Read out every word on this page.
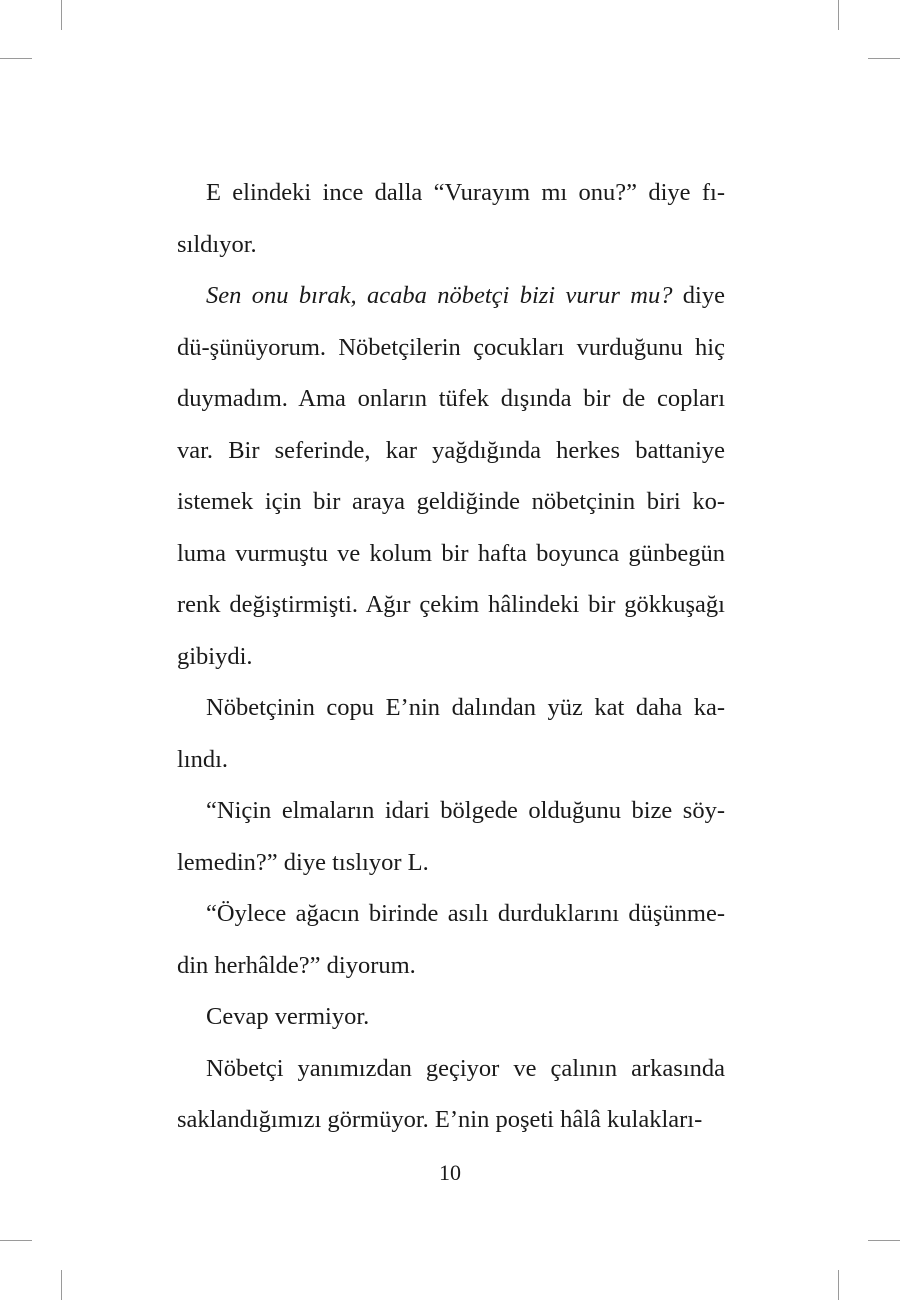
E elindeki ince dalla “Vurayım mı onu?” diye fı-sıldıyor.

Sen onu bırak, acaba nöbetçi bizi vurur mu? diye dü-şünüyorum. Nöbetçilerin çocukları vurduğunu hiç duymadım. Ama onların tüfek dışında bir de copları var. Bir seferinde, kar yağdığında herkes battaniye istemek için bir araya geldiğinde nöbetçinin biri ko-luma vurmuştu ve kolum bir hafta boyunca günbegün renk değiştirmişti. Ağır çekim hâlindeki bir gökkuşağı gibiydi.

Nöbetçinin copu E’nin dalından yüz kat daha ka-lındı.

“Niçin elmaların idari bölgede olduğunu bize söy-lemedin?” diye tıslıyor L.

“Öylece ağacın birinde asılı durduklarını düşünme-din herhâlde?” diyorum.

Cevap vermiyor.

Nöbetçi yanımızdan geçiyor ve çalının arkasında saklandığımızı görmüyor. E’nin poşeti hâlâ kulakları-

10
